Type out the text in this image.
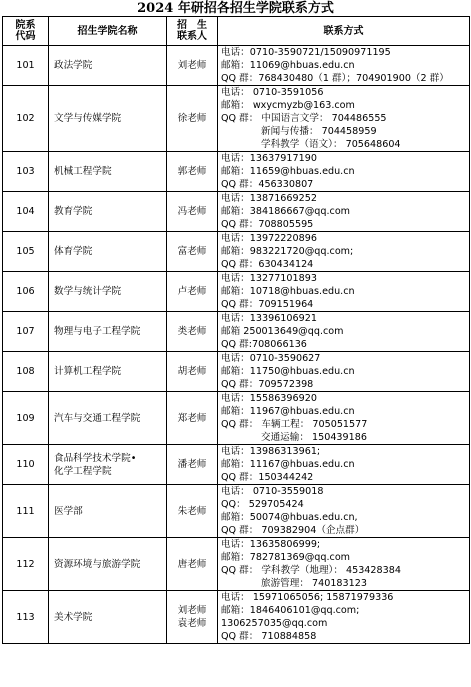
2024 年研招各招生学院联系方式
院系
代码	招生学院名称	招　生
联系人	联系方式
101	政法学院	刘老师	电话：0710-3590721/15090971195
邮箱：11069@hbuas.edu.cn
QQ 群：768430480（1 群）；704901900（2 群）

102	文学与传媒学院	徐老师	电话： 0710-3591056
邮箱： wxycmyzb@163.com
QQ 群： 中国语言文学： 704486555
新闻与传播： 704458959
学科教学（语文）： 705648604

103	机械工程学院	郭老师	电话：13637917190
邮箱：11659@hbuas.edu.cn
QQ 群：456330807

104	教育学院	冯老师	电话：13871669252
邮箱：384186667@qq.com
QQ 群：708805595

105	体育学院	富老师	电话：13972220896
邮箱：983221720@qq.com;
QQ 群：630434124

106	数学与统计学院	卢老师	电话：13277101893
邮箱：10718@hbuas.edu.cn
QQ 群：709151964

107	物理与电子工程学院	类老师	电话：13396106921
邮箱 250013649@qq.com
QQ 群:708066136

108	计算机工程学院	胡老师	电话：0710-3590627
邮箱：11750@hbuas.edu.cn
QQ 群：709572398

109	汽车与交通工程学院	郑老师	电话：15586396920
邮箱：11967@hbuas.edu.cn
QQ 群： 车辆工程： 705051577
交通运输： 150439186

110	食品科学技术学院•
化学工程学院	潘老师	电话：13986313961;
邮箱：11167@hbuas.edu.cn
QQ 群：150344242

111	医学部	朱老师	电话： 0710-3559018
QQ： 529705424
邮箱：50074@hbuas.edu.cn,
QQ 群： 709382904（企点群）

112	资源环境与旅游学院	唐老师	电话：13635806999;
邮箱：782781369@qq.com
QQ 群： 学科教学（地理）： 453428384
旅游管理： 740183123

113	美术学院	刘老师
袁老师	电话： 15971065056; 15871979336
邮箱：1846406101@qq.com;
1306257035@qq.com
QQ 群： 710884858
